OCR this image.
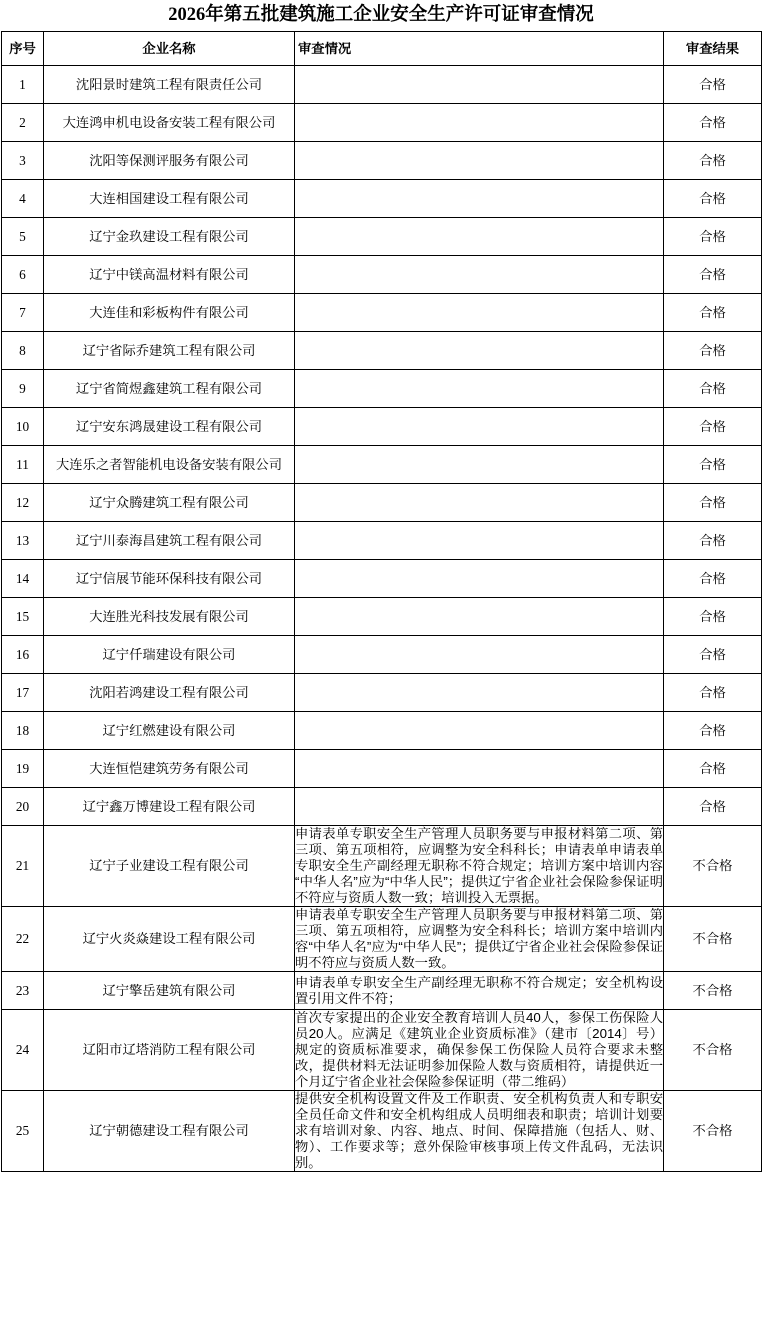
2026年第五批建筑施工企业安全生产许可证审查情况
序号	企业名称	审查情况	审查结果
1	沈阳景时建筑工程有限责任公司		合格
2	大连鸿申机电设备安装工程有限公司		合格
3	沈阳等保测评服务有限公司		合格
4	大连相国建设工程有限公司		合格
5	辽宁金玖建设工程有限公司		合格
6	辽宁中镁高温材料有限公司		合格
7	大连佳和彩板构件有限公司		合格
8	辽宁省际乔建筑工程有限公司		合格
9	辽宁省简煜鑫建筑工程有限公司		合格
10	辽宁安东鸿晟建设工程有限公司		合格
11	大连乐之者智能机电设备安装有限公司		合格
12	辽宁众腾建筑工程有限公司		合格
13	辽宁川泰海昌建筑工程有限公司		合格
14	辽宁信展节能环保科技有限公司		合格
15	大连胜光科技发展有限公司		合格
16	辽宁仟瑞建设有限公司		合格
17	沈阳若鸿建设工程有限公司		合格
18	辽宁红燃建设有限公司		合格
19	大连恒恺建筑劳务有限公司		合格
20	辽宁鑫万博建设工程有限公司		合格
21	辽宁子业建设工程有限公司	申请表单专职安全生产管理人员职务要与申报材料第二项、第三项、第五项相符，应调整为安全科科长；申请表单申请表单专职安全生产副经理无职称不符合规定；培训方案中培训内容“中华人名”应为“中华人民”；提供辽宁省企业社会保险参保证明不符应与资质人数一致；培训投入无票据。	不合格
22	辽宁火炎焱建设工程有限公司	申请表单专职安全生产管理人员职务要与申报材料第二项、第三项、第五项相符，应调整为安全科科长；培训方案中培训内容“中华人名”应为“中华人民”；提供辽宁省企业社会保险参保证明不符应与资质人数一致。	不合格
23	辽宁擎岳建筑有限公司	申请表单专职安全生产副经理无职称不符合规定；安全机构设置引用文件不符；	不合格
24	辽阳市辽塔消防工程有限公司	首次专家提出的企业安全教育培训人员40人，参保工伤保险人员20人。应满足《建筑业企业资质标准》（建市〔2014〕号）规定的资质标准要求，确保参保工伤保险人员符合要求未整改，提供材料无法证明参加保险人数与资质相符，请提供近一个月辽宁省企业社会保险参保证明（带二维码）	不合格
25	辽宁朝德建设工程有限公司	提供安全机构设置文件及工作职责、安全机构负责人和专职安全员任命文件和安全机构组成人员明细表和职责；培训计划要求有培训对象、内容、地点、时间、保障措施（包括人、财、物）、工作要求等；意外保险审核事项上传文件乱码，无法识别。	不合格
